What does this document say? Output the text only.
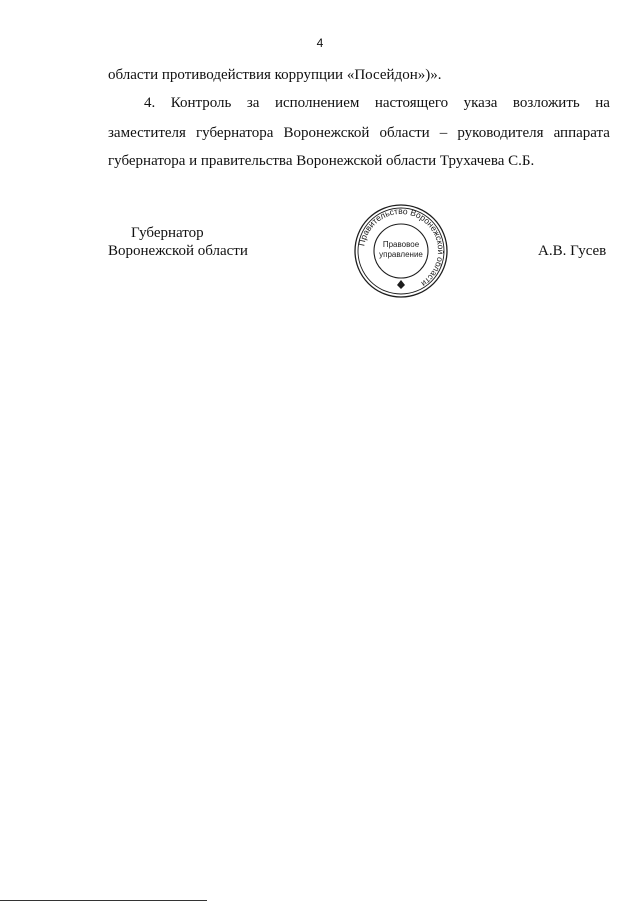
4
области противодействия коррупции «Посейдон»)».
4. Контроль за исполнением настоящего указа возложить на
заместителя губернатора Воронежской области – руководителя аппарата
губернатора и правительства Воронежской области Трухачева С.Б.
Губернатор
Воронежской области	А.В. Гусев
Правительство Воронежской области
Правовое
управление
